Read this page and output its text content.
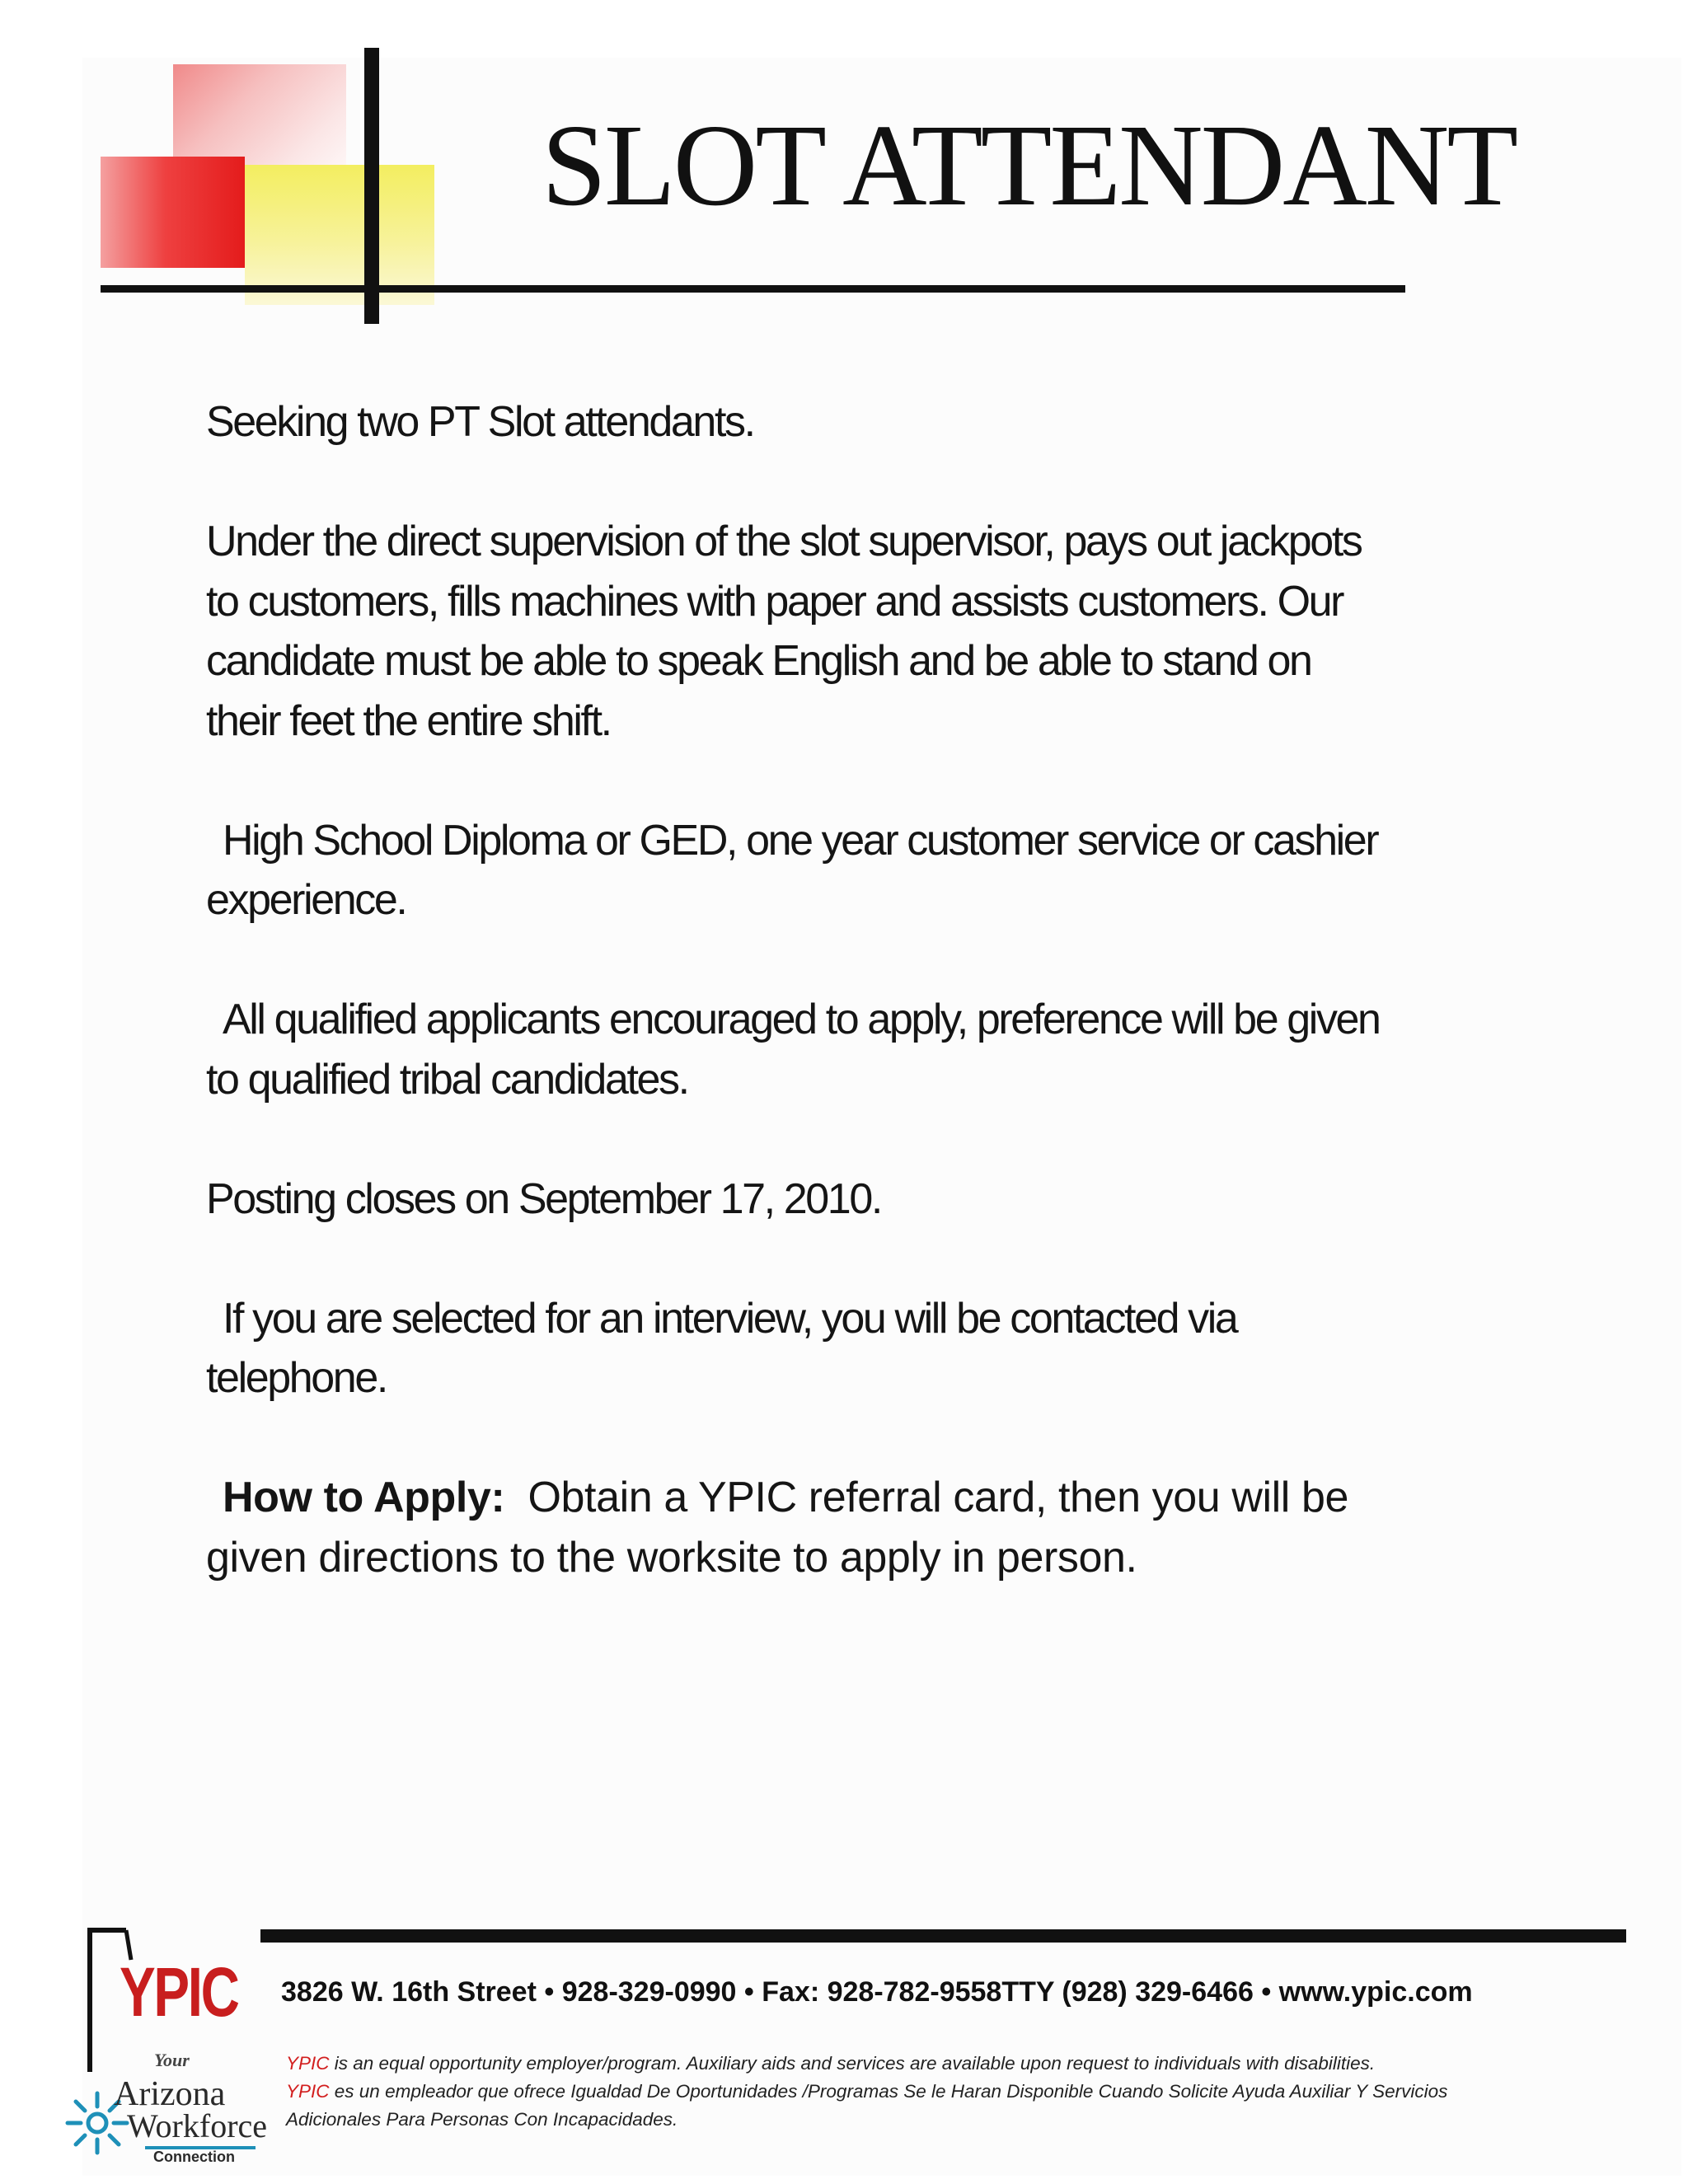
SLOT ATTENDANT

Seeking two PT Slot attendants.

Under the direct supervision of the slot supervisor, pays out jackpots
to customers, fills machines with paper and assists customers. Our
candidate must be able to speak English and be able to stand on
their feet the entire shift.

High School Diploma or GED, one year customer service or cashier
experience.

All qualified applicants encouraged to apply, preference will be given
to qualified tribal candidates.

Posting closes on September 17, 2010.

If you are selected for an interview, you will be contacted via
telephone.

How to Apply: Obtain a YPIC referral card, then you will be
given directions to the worksite to apply in person.

YPIC
Your
Arizona
Workforce
Connection

3826 W. 16th Street • 928-329-0990 • Fax: 928-782-9558TTY (928) 329-6466 • www.ypic.com

YPIC is an equal opportunity employer/program. Auxiliary aids and services are available upon request to individuals with disabilities.
YPIC es un empleador que ofrece Igualdad De Oportunidades /Programas Se le Haran Disponible Cuando Solicite Ayuda Auxiliar Y Servicios
Adicionales Para Personas Con Incapacidades.
